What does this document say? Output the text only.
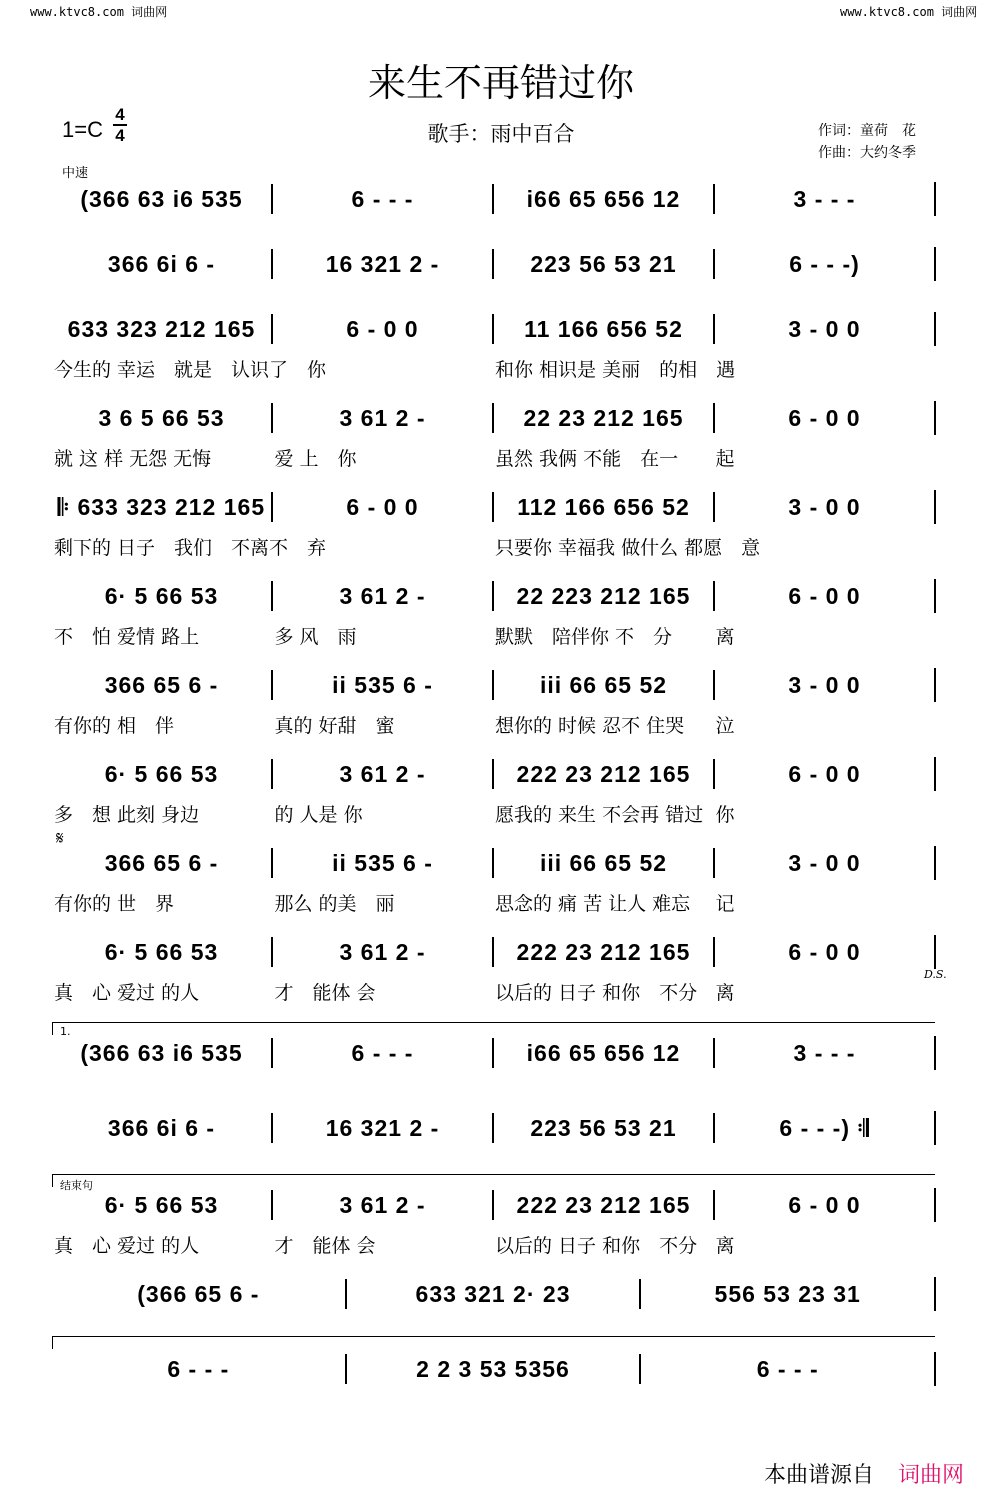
www.ktvc8.com 词曲网	www.ktvc8.com 词曲网
来生不再错过你
1=C
4
4	歌手：雨中百合	作词：童荷　花
作曲：大约冬季
中速
𝄋
D.S.
1.
结束句
(366 63 i6 535	6 - - -	i66 65 656 12	3 - - -
366 6i 6 -	16 321 2 -	223 56 53 21	6 - - -)
633 323 212 165	6 - 0 0	11 166 656 52	3 - 0 0
今生的 幸运　就是　认识了　你	和你 相识是 美丽　的相　遇
3 6 5 66 53	3 61 2 -	22 23 212 165	6 - 0 0
就 这 样 无怨 无悔	爱 上　你	虽然 我俩 不能　在一	起
𝄆 633 323 212 165	6 - 0 0	112 166 656 52	3 - 0 0
剩下的 日子　我们　不离不　弃	只要你 幸福我 做什么 都愿　意
6· 5 66 53	3 61 2 -	22 223 212 165	6 - 0 0
不　怕 爱情 路上	多 风　雨	默默　陪伴你 不　分	离
366 65 6 -	ii 535 6 -	iii 66 65 52	3 - 0 0
有你的 相　伴	真的 好甜　蜜	想你的 时候 忍不 住哭	泣
6· 5 66 53	3 61 2 -	222 23 212 165	6 - 0 0
多　想 此刻 身边	的 人是 你	愿我的 来生 不会再 错过 你
366 65 6 -	ii 535 6 -	iii 66 65 52	3 - 0 0
有你的 世　界	那么 的美　丽	思念的 痛 苦 让人 难忘	记
6· 5 66 53	3 61 2 -	222 23 212 165	6 - 0 0
真　心 爱过 的人	才　能体 会	以后的 日子 和你　不分 离
(366 63 i6 535	6 - - -	i66 65 656 12	3 - - -
366 6i 6 -	16 321 2 -	223 56 53 21	6 - - -) 𝄇
6· 5 66 53	3 61 2 -	222 23 212 165	6 - 0 0
真　心 爱过 的人	才　能体 会	以后的 日子 和你　不分 离
(366 65 6 -	633 321 2· 23	556 53 23 31
6 - - -	2 2 3 53 5356	6 - - -
本曲谱源自 词曲网
